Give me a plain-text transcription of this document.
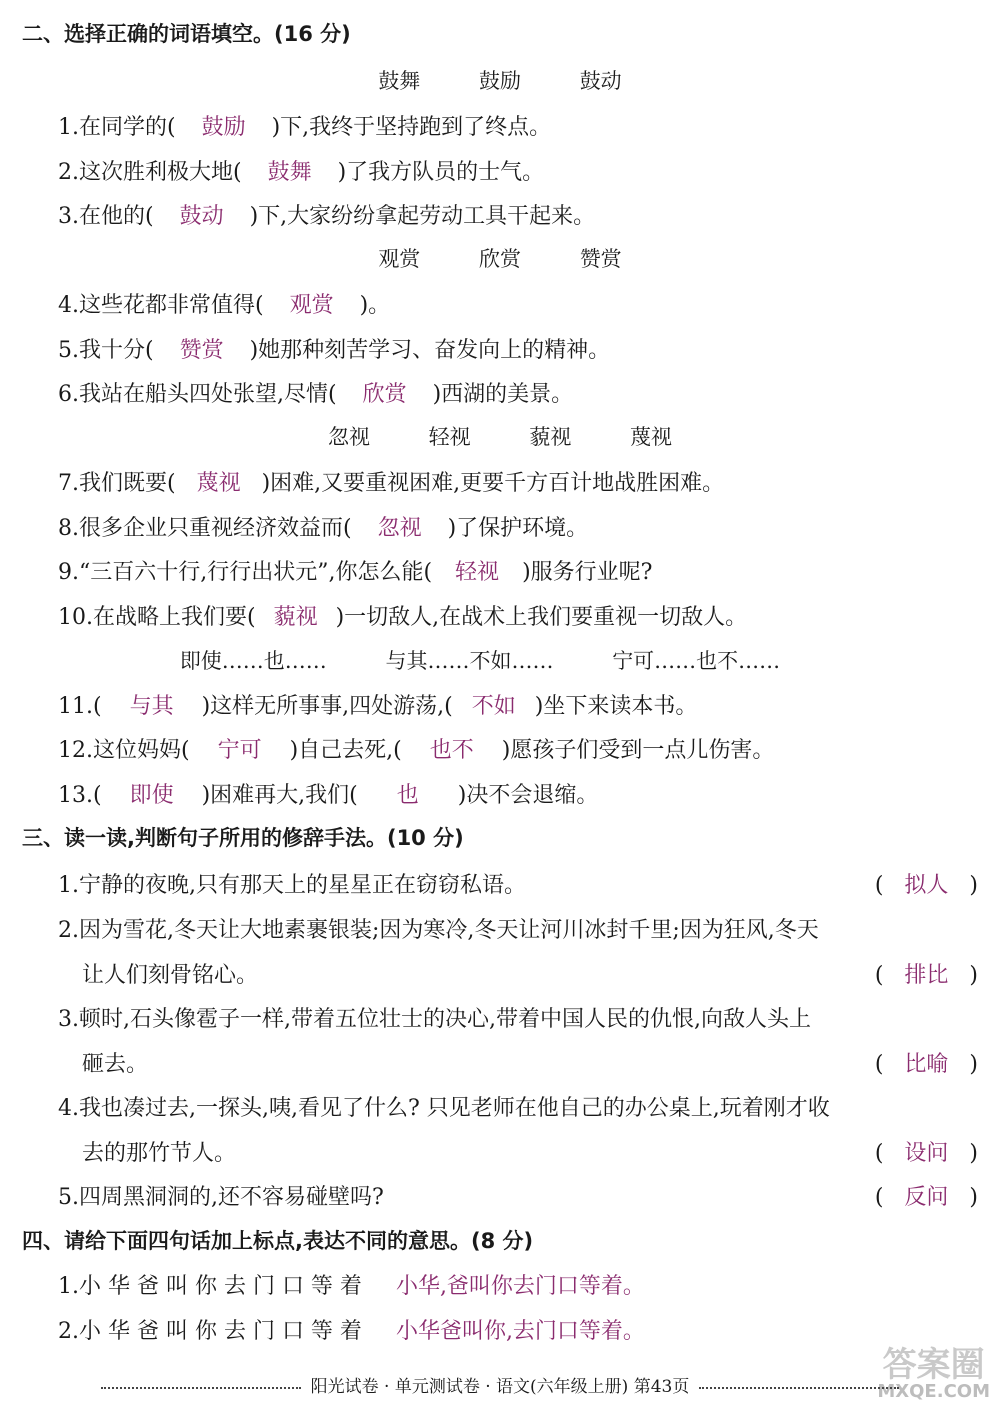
二、选择正确的词语填空。(16 分)
鼓舞	鼓励	鼓动
1.在同学的( 鼓励 )下,我终于坚持跑到了终点。
2.这次胜利极大地( 鼓舞 )了我方队员的士气。
3.在他的( 鼓动 )下,大家纷纷拿起劳动工具干起来。
观赏	欣赏	赞赏
4.这些花都非常值得( 观赏 )。
5.我十分( 赞赏 )她那种刻苦学习、奋发向上的精神。
6.我站在船头四处张望,尽情( 欣赏 )西湖的美景。
忽视	轻视	藐视	蔑视
7.我们既要( 蔑视 )困难,又要重视困难,更要千方百计地战胜困难。
8.很多企业只重视经济效益而( 忽视 )了保护环境。
9.“三百六十行,行行出状元”,你怎么能( 轻视 )服务行业呢?
10.在战略上我们要( 藐视 )一切敌人,在战术上我们要重视一切敌人。
即使……也……	与其……不如……	宁可……也不……
11.( 与其 )这样无所事事,四处游荡,( 不如 )坐下来读本书。
12.这位妈妈( 宁可 )自己去死,( 也不 )愿孩子们受到一点儿伤害。
13.( 即使 )困难再大,我们( 也 )决不会退缩。
三、读一读,判断句子所用的修辞手法。(10 分)
1.宁静的夜晚,只有那天上的星星正在窃窃私语。	( 拟人 )
2.因为雪花,冬天让大地素裹银装;因为寒冷,冬天让河川冰封千里;因为狂风,冬天
让人们刻骨铭心。	( 排比 )
3.顿时,石头像雹子一样,带着五位壮士的决心,带着中国人民的仇恨,向敌人头上
砸去。	( 比喻 )
4.我也凑过去,一探头,咦,看见了什么? 只见老师在他自己的办公桌上,玩着刚才收
去的那竹节人。	( 设问 )
5.四周黑洞洞的,还不容易碰壁吗?	( 反问 )
四、请给下面四句话加上标点,表达不同的意思。(8 分)
1.小 华 爸 叫 你 去 门 口 等 着 小华,爸叫你去门口等着。
2.小 华 爸 叫 你 去 门 口 等 着 小华爸叫你,去门口等着。
答案圈
MXQE.COM
阳光试卷 · 单元测试卷 · 语文(六年级上册) 第43页
